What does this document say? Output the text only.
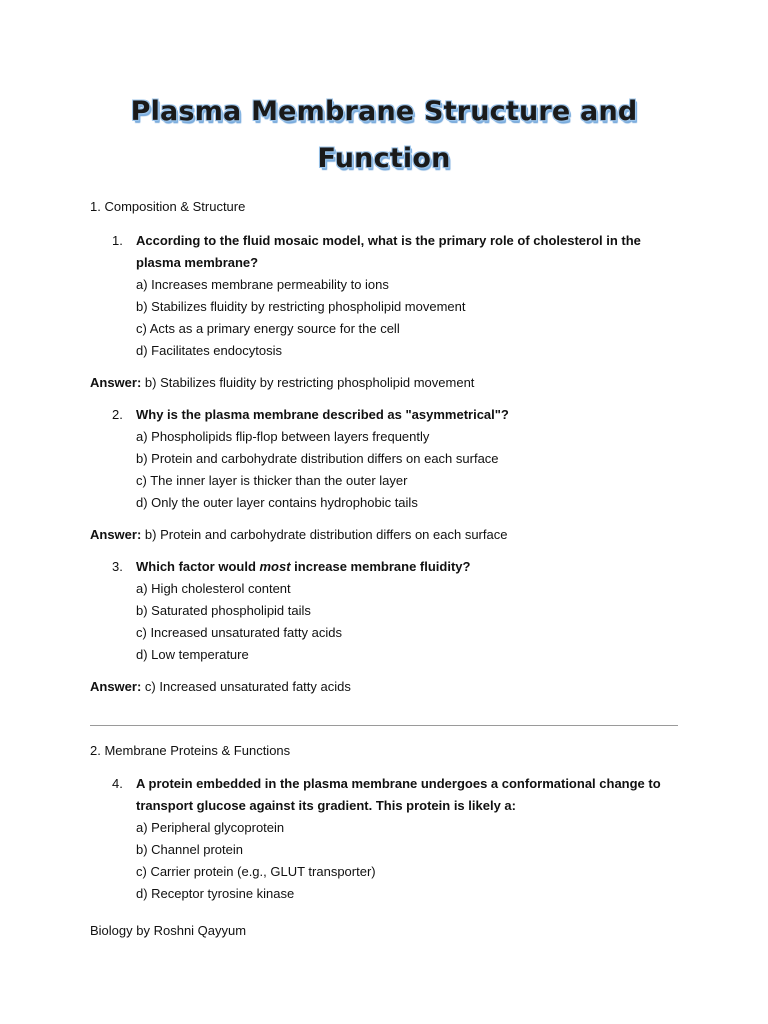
Plasma Membrane Structure and
Function
1. Composition & Structure
1.	According to the fluid mosaic model, what is the primary role of cholesterol in the plasma membrane?
a) Increases membrane permeability to ions
b) Stabilizes fluidity by restricting phospholipid movement
c) Acts as a primary energy source for the cell
d) Facilitates endocytosis
Answer: b) Stabilizes fluidity by restricting phospholipid movement
2.	Why is the plasma membrane described as "asymmetrical"?
a) Phospholipids flip-flop between layers frequently
b) Protein and carbohydrate distribution differs on each surface
c) The inner layer is thicker than the outer layer
d) Only the outer layer contains hydrophobic tails
Answer: b) Protein and carbohydrate distribution differs on each surface
3.	Which factor would most increase membrane fluidity?
a) High cholesterol content
b) Saturated phospholipid tails
c) Increased unsaturated fatty acids
d) Low temperature
Answer: c) Increased unsaturated fatty acids
2. Membrane Proteins & Functions
4.	A protein embedded in the plasma membrane undergoes a conformational change to transport glucose against its gradient. This protein is likely a:
a) Peripheral glycoprotein
b) Channel protein
c) Carrier protein (e.g., GLUT transporter)
d) Receptor tyrosine kinase
Biology by Roshni Qayyum
